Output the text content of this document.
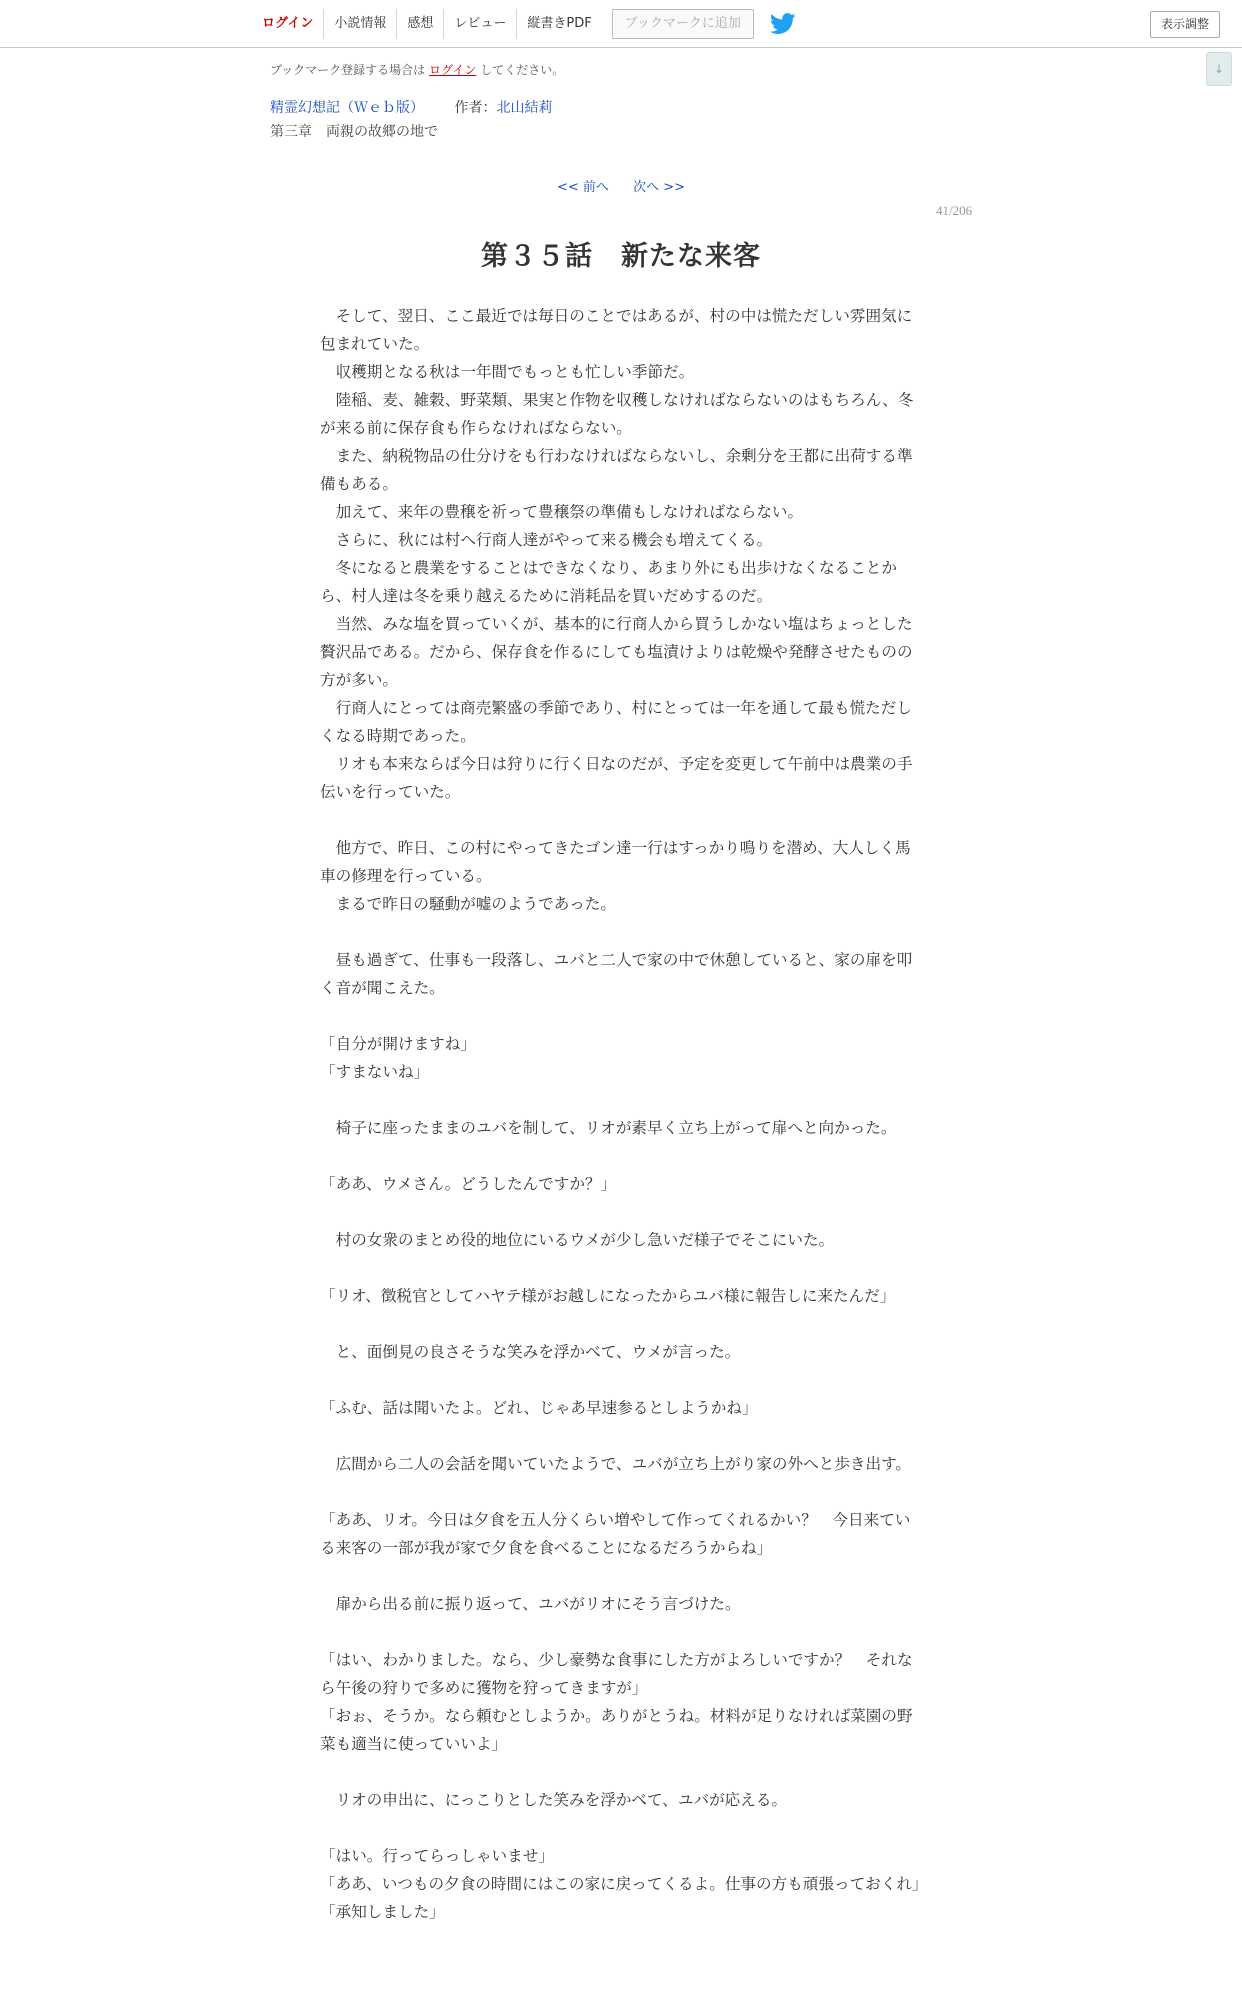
ログイン	小説情報	感想	レビュー	縦書きPDF	ブックマークに追加	表示調整
↓
ブックマーク登録する場合は ログイン してください。
精霊幻想記（Ｗｅｂ版） 作者：北山結莉
第三章　両親の故郷の地で
<< 前へ 次へ >>
41/206
第３５話　新たな来客

　そして、翌日、ここ最近では毎日のことではあるが、村の中は慌ただしい雰囲気に包まれていた。

　収穫期となる秋は一年間でもっとも忙しい季節だ。

　陸稲、麦、雑穀、野菜類、果実と作物を収穫しなければならないのはもちろん、冬が来る前に保存食も作らなければならない。

　また、納税物品の仕分けをも行わなければならないし、余剰分を王都に出荷する準備もある。

　加えて、来年の豊穣を祈って豊穣祭の準備もしなければならない。

　さらに、秋には村へ行商人達がやって来る機会も増えてくる。

　冬になると農業をすることはできなくなり、あまり外にも出歩けなくなることから、村人達は冬を乗り越えるために消耗品を買いだめするのだ。

　当然、みな塩を買っていくが、基本的に行商人から買うしかない塩はちょっとした贅沢品である。だから、保存食を作るにしても塩漬けよりは乾燥や発酵させたものの方が多い。

　行商人にとっては商売繁盛の季節であり、村にとっては一年を通して最も慌ただしくなる時期であった。

　リオも本来ならば今日は狩りに行く日なのだが、予定を変更して午前中は農業の手伝いを行っていた。

　他方で、昨日、この村にやってきたゴン達一行はすっかり鳴りを潜め、大人しく馬車の修理を行っている。

　まるで昨日の騒動が嘘のようであった。

　昼も過ぎて、仕事も一段落し、ユバと二人で家の中で休憩していると、家の扉を叩く音が聞こえた。

「自分が開けますね」

「すまないね」

　椅子に座ったままのユバを制して、リオが素早く立ち上がって扉へと向かった。

「ああ、ウメさん。どうしたんですか？」

　村の女衆のまとめ役的地位にいるウメが少し急いだ様子でそこにいた。

「リオ、徴税官としてハヤテ様がお越しになったからユバ様に報告しに来たんだ」

　と、面倒見の良さそうな笑みを浮かべて、ウメが言った。

「ふむ、話は聞いたよ。どれ、じゃあ早速参るとしようかね」

　広間から二人の会話を聞いていたようで、ユバが立ち上がり家の外へと歩き出す。

「ああ、リオ。今日は夕食を五人分くらい増やして作ってくれるかい？　今日来ている来客の一部が我が家で夕食を食べることになるだろうからね」

　扉から出る前に振り返って、ユバがリオにそう言づけた。

「はい、わかりました。なら、少し豪勢な食事にした方がよろしいですか？　それなら午後の狩りで多めに獲物を狩ってきますが」

「おぉ、そうか。なら頼むとしようか。ありがとうね。材料が足りなければ菜園の野菜も適当に使っていいよ」

　リオの申出に、にっこりとした笑みを浮かべて、ユバが応える。

「はい。行ってらっしゃいませ」

「ああ、いつもの夕食の時間にはこの家に戻ってくるよ。仕事の方も頑張っておくれ」

「承知しました」
